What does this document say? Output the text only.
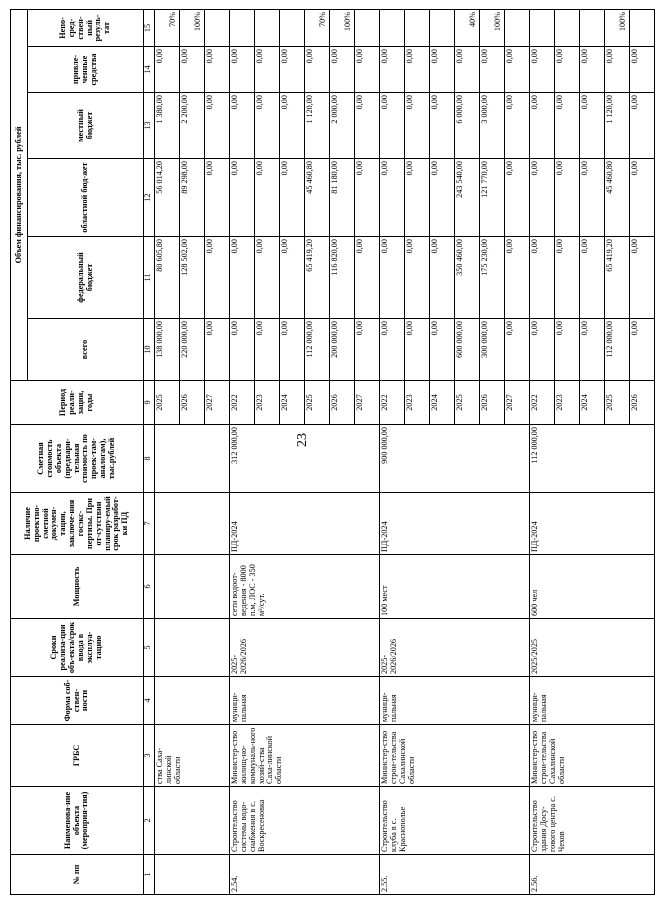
23
№ пп	Наименова-ние объекта (мероприя-тия)	ГРБС	Форма соб-ствен-ности	Сроки реализа-ции объ-екта/срок ввода в эксплуа-тацию	Мощность	Наличие проектно-сметной докумен-тации, заключе-ния госэкс-пертизы. При от-сутствии планиру-емый срок разработ-ки ПД	Сметная стоимость объекта (предвари-тельная стоимость по проек-там-аналогам), тыс.рублей	Период реали-зации, годы	Объем финансирования, тыс. рублей					
									всего	федеральный бюджет	областной бюд-жет	местный бюджет	привле-ченные средства	Непо-сред-ствен-ный резуль-тат
1	2	3	4	5	6	7	8	9	10	11	12	13	14	15
		ства Саха-линской области						2025	138 000,00	80 605,80	56 014,20	1 380,00	0,00	70%
								2026	220 000,00	128 502,00	89 298,00	2 200,00	0,00	100%
								2027	0,00	0,00	0,00	0,00	0,00	
2.54.	Строительство системы водо-снабжения в с. Воскресеновка	Министер-ство жилищ-но-коммуналь-ного хозяй-ства Саха-линской области	муници-пальная	2025-2026/2026	сети водоот-ведения - 8000 п.м, ЛОС - 350 м³/сут.	ПД-2024	312 000,00	2022	0,00	0,00	0,00	0,00	0,00	
								2023	0,00	0,00	0,00	0,00	0,00	
								2024	0,00	0,00	0,00	0,00	0,00	
								2025	112 000,00	65 419,20	45 460,80	1 120,00	0,00	70%
								2026	200 000,00	116 820,00	81 180,00	2 000,00	0,00	100%
								2027	0,00	0,00	0,00	0,00	0,00	
2.55.	Строительство клуба в с. Краснополье	Министер-ство строи-тельства Сахалинской области	муници-пальная	2025-2026/2026	100 мест	ПД-2024	900 000,00	2022	0,00	0,00	0,00	0,00	0,00	
								2023	0,00	0,00	0,00	0,00	0,00	
								2024	0,00	0,00	0,00	0,00	0,00	
								2025	600 000,00	350 460,00	243 540,00	6 000,00	0,00	40%
								2026	300 000,00	175 230,00	121 770,00	3 000,00	0,00	100%
								2027	0,00	0,00	0,00	0,00	0,00	
2.56.	Строительство здания Досу-гового центра с. Чехов	Министер-ство строи-тельства Сахалинской области	муници-пальная	2025/2025	600 чел	ПД-2024	112 000,00	2022	0,00	0,00	0,00	0,00	0,00	
								2023	0,00	0,00	0,00	0,00	0,00	
								2024	0,00	0,00	0,00	0,00	0,00	
								2025	112 000,00	65 419,20	45 460,80	1 120,00	0,00	100%
								2026	0,00	0,00	0,00	0,00	0,00	
